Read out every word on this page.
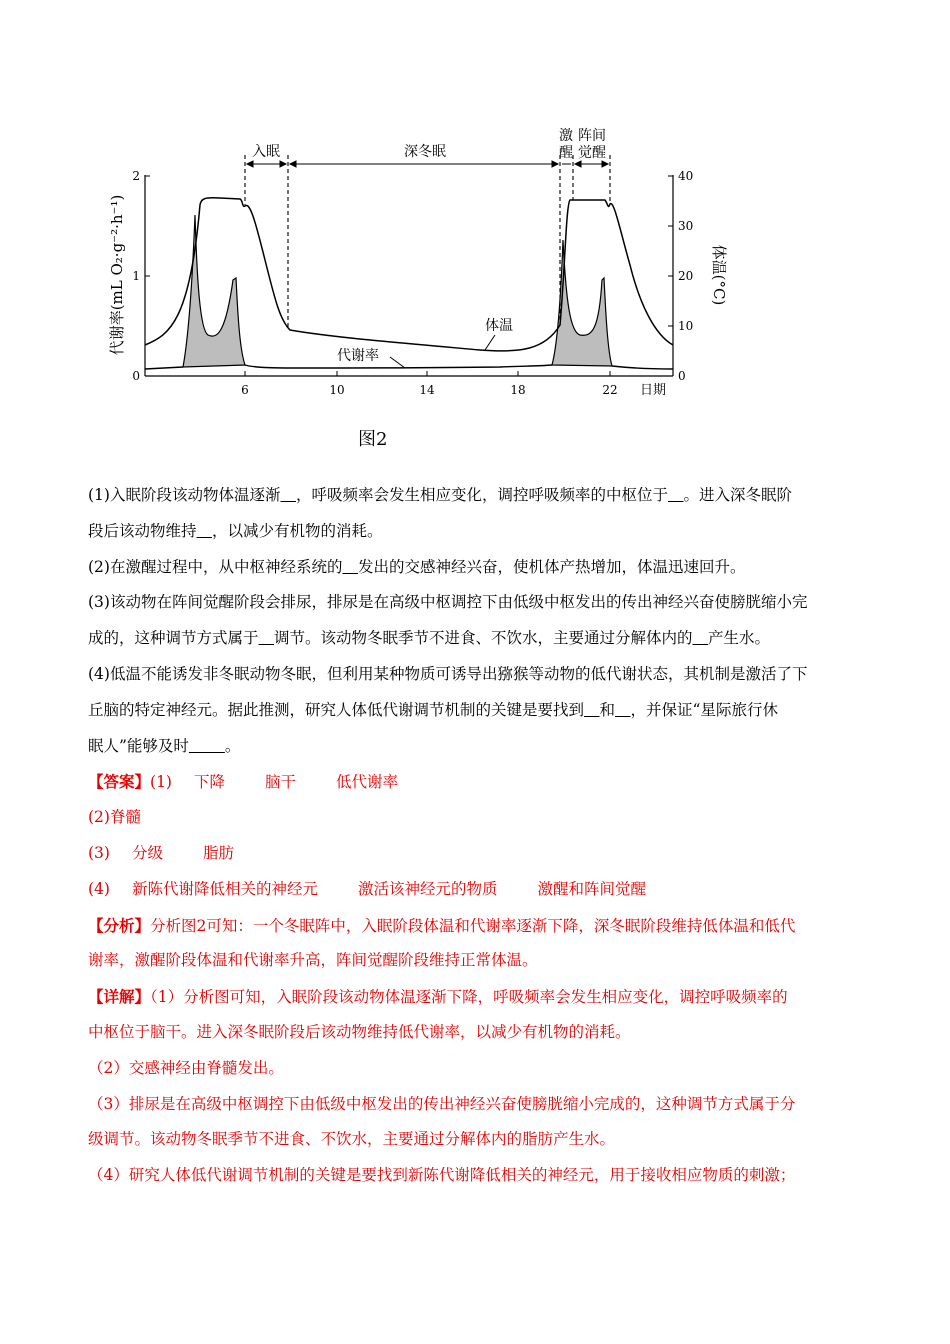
0
1
2
0
10
20
30
40
6	10	14	18	22 日期
代谢率(mL O₂·g⁻²·h⁻¹)	体温(°C)
体温
代谢率
入眠	深冬眠
激
醒
阵间
觉醒
图2
(1)入眠阶段该动物体温逐渐  ，呼吸频率会发生相应变化，调控呼吸频率的中枢位于  。进入深冬眠阶
段后该动物维持  ，以减少有机物的消耗。
(2)在激醒过程中，从中枢神经系统的  发出的交感神经兴奋，使机体产热增加，体温迅速回升。
(3)该动物在阵间觉醒阶段会排尿，排尿是在高级中枢调控下由低级中枢发出的传出神经兴奋使膀胱缩小完
成的，这种调节方式属于  调节。该动物冬眠季节不进食、不饮水，主要通过分解体内的  产生水。
(4)低温不能诱发非冬眠动物冬眠，但利用某种物质可诱导出猕猴等动物的低代谢状态，其机制是激活了下
丘脑的特定神经元。据此推测，研究人体低代谢调节机制的关键是要找到  和  ，并保证“星际旅行休
眠人”能够及时   。
【答案】(1) 下降	脑干	低代谢率
(2)脊髓
(3) 分级	脂肪
(4) 新陈代谢降低相关的神经元	激活该神经元的物质	激醒和阵间觉醒
【分析】分析图2可知：一个冬眠阵中，入眠阶段体温和代谢率逐渐下降，深冬眠阶段维持低体温和低代
谢率，激醒阶段体温和代谢率升高，阵间觉醒阶段维持正常体温。
【详解】（1）分析图可知，入眠阶段该动物体温逐渐下降，呼吸频率会发生相应变化，调控呼吸频率的
中枢位于脑干。进入深冬眠阶段后该动物维持低代谢率，以减少有机物的消耗。
（2）交感神经由脊髓发出。
（3）排尿是在高级中枢调控下由低级中枢发出的传出神经兴奋使膀胱缩小完成的，这种调节方式属于分
级调节。该动物冬眠季节不进食、不饮水，主要通过分解体内的脂肪产生水。
（4）研究人体低代谢调节机制的关键是要找到新陈代谢降低相关的神经元，用于接收相应物质的刺激；
